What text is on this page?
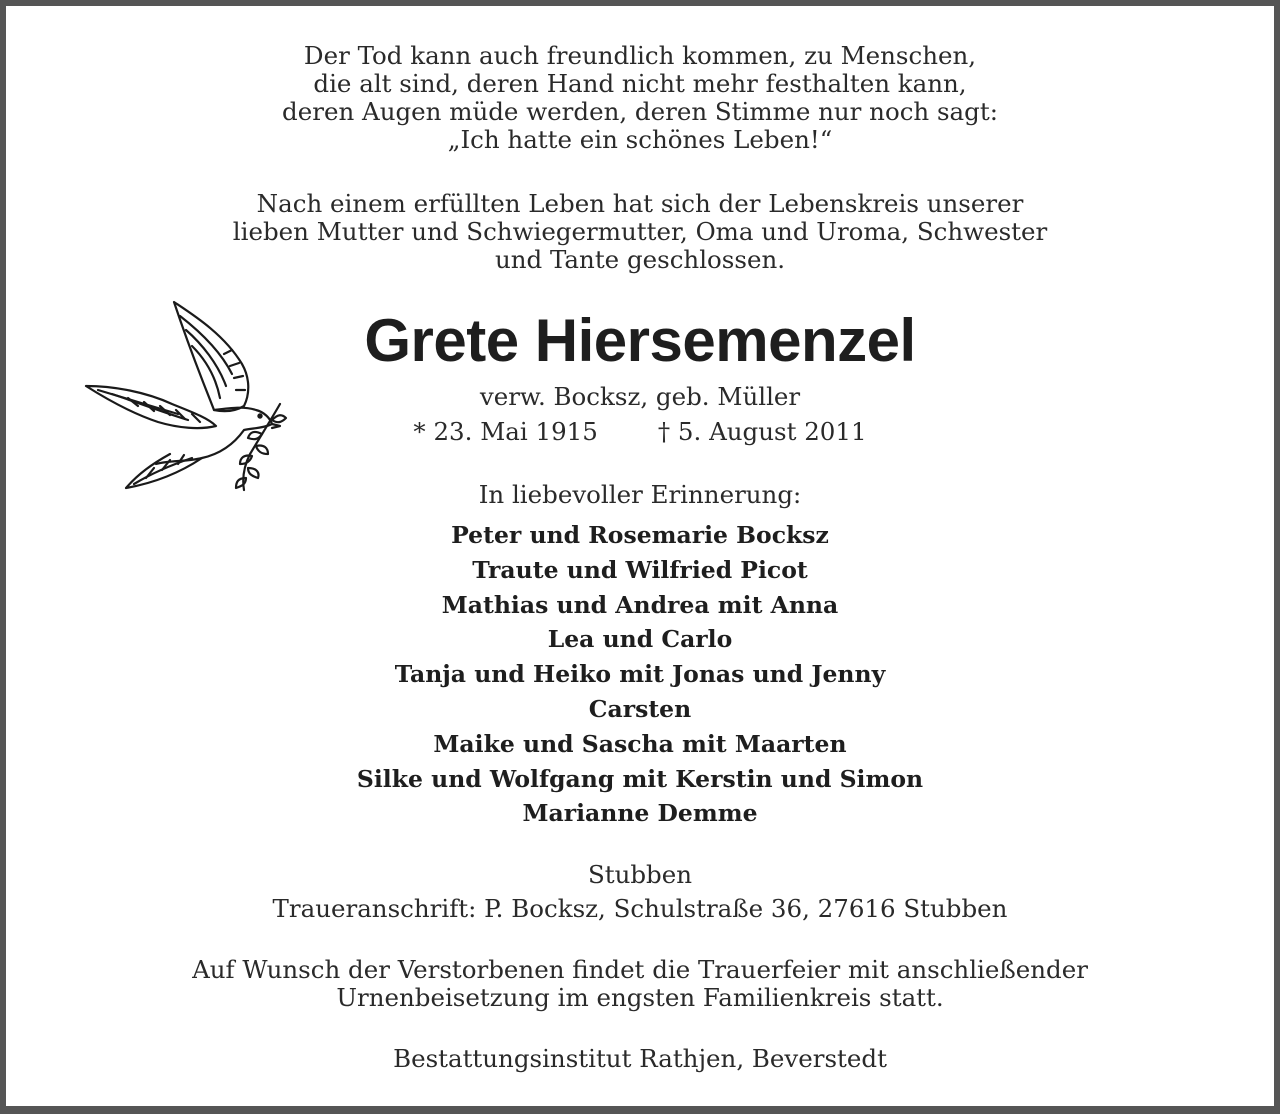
Der Tod kann auch freundlich kommen, zu Menschen,
die alt sind, deren Hand nicht mehr festhalten kann,
deren Augen müde werden, deren Stimme nur noch sagt:
„Ich hatte ein schönes Leben!“
Nach einem erfüllten Leben hat sich der Lebenskreis unserer
lieben Mutter und Schwiegermutter, Oma und Uroma, Schwester
und Tante geschlossen.
Grete Hiersemenzel
verw. Bocksz, geb. Müller
* 23. Mai 1915 † 5. August 2011
In liebevoller Erinnerung:
Peter und Rosemarie Bocksz
Traute und Wilfried Picot
Mathias und Andrea mit Anna
Lea und Carlo
Tanja und Heiko mit Jonas und Jenny
Carsten
Maike und Sascha mit Maarten
Silke und Wolfgang mit Kerstin und Simon
Marianne Demme
Stubben
Traueranschrift: P. Bocksz, Schulstraße 36, 27616 Stubben
Auf Wunsch der Verstorbenen findet die Trauerfeier mit anschließender
Urnenbeisetzung im engsten Familienkreis statt.
Bestattungsinstitut Rathjen, Beverstedt
